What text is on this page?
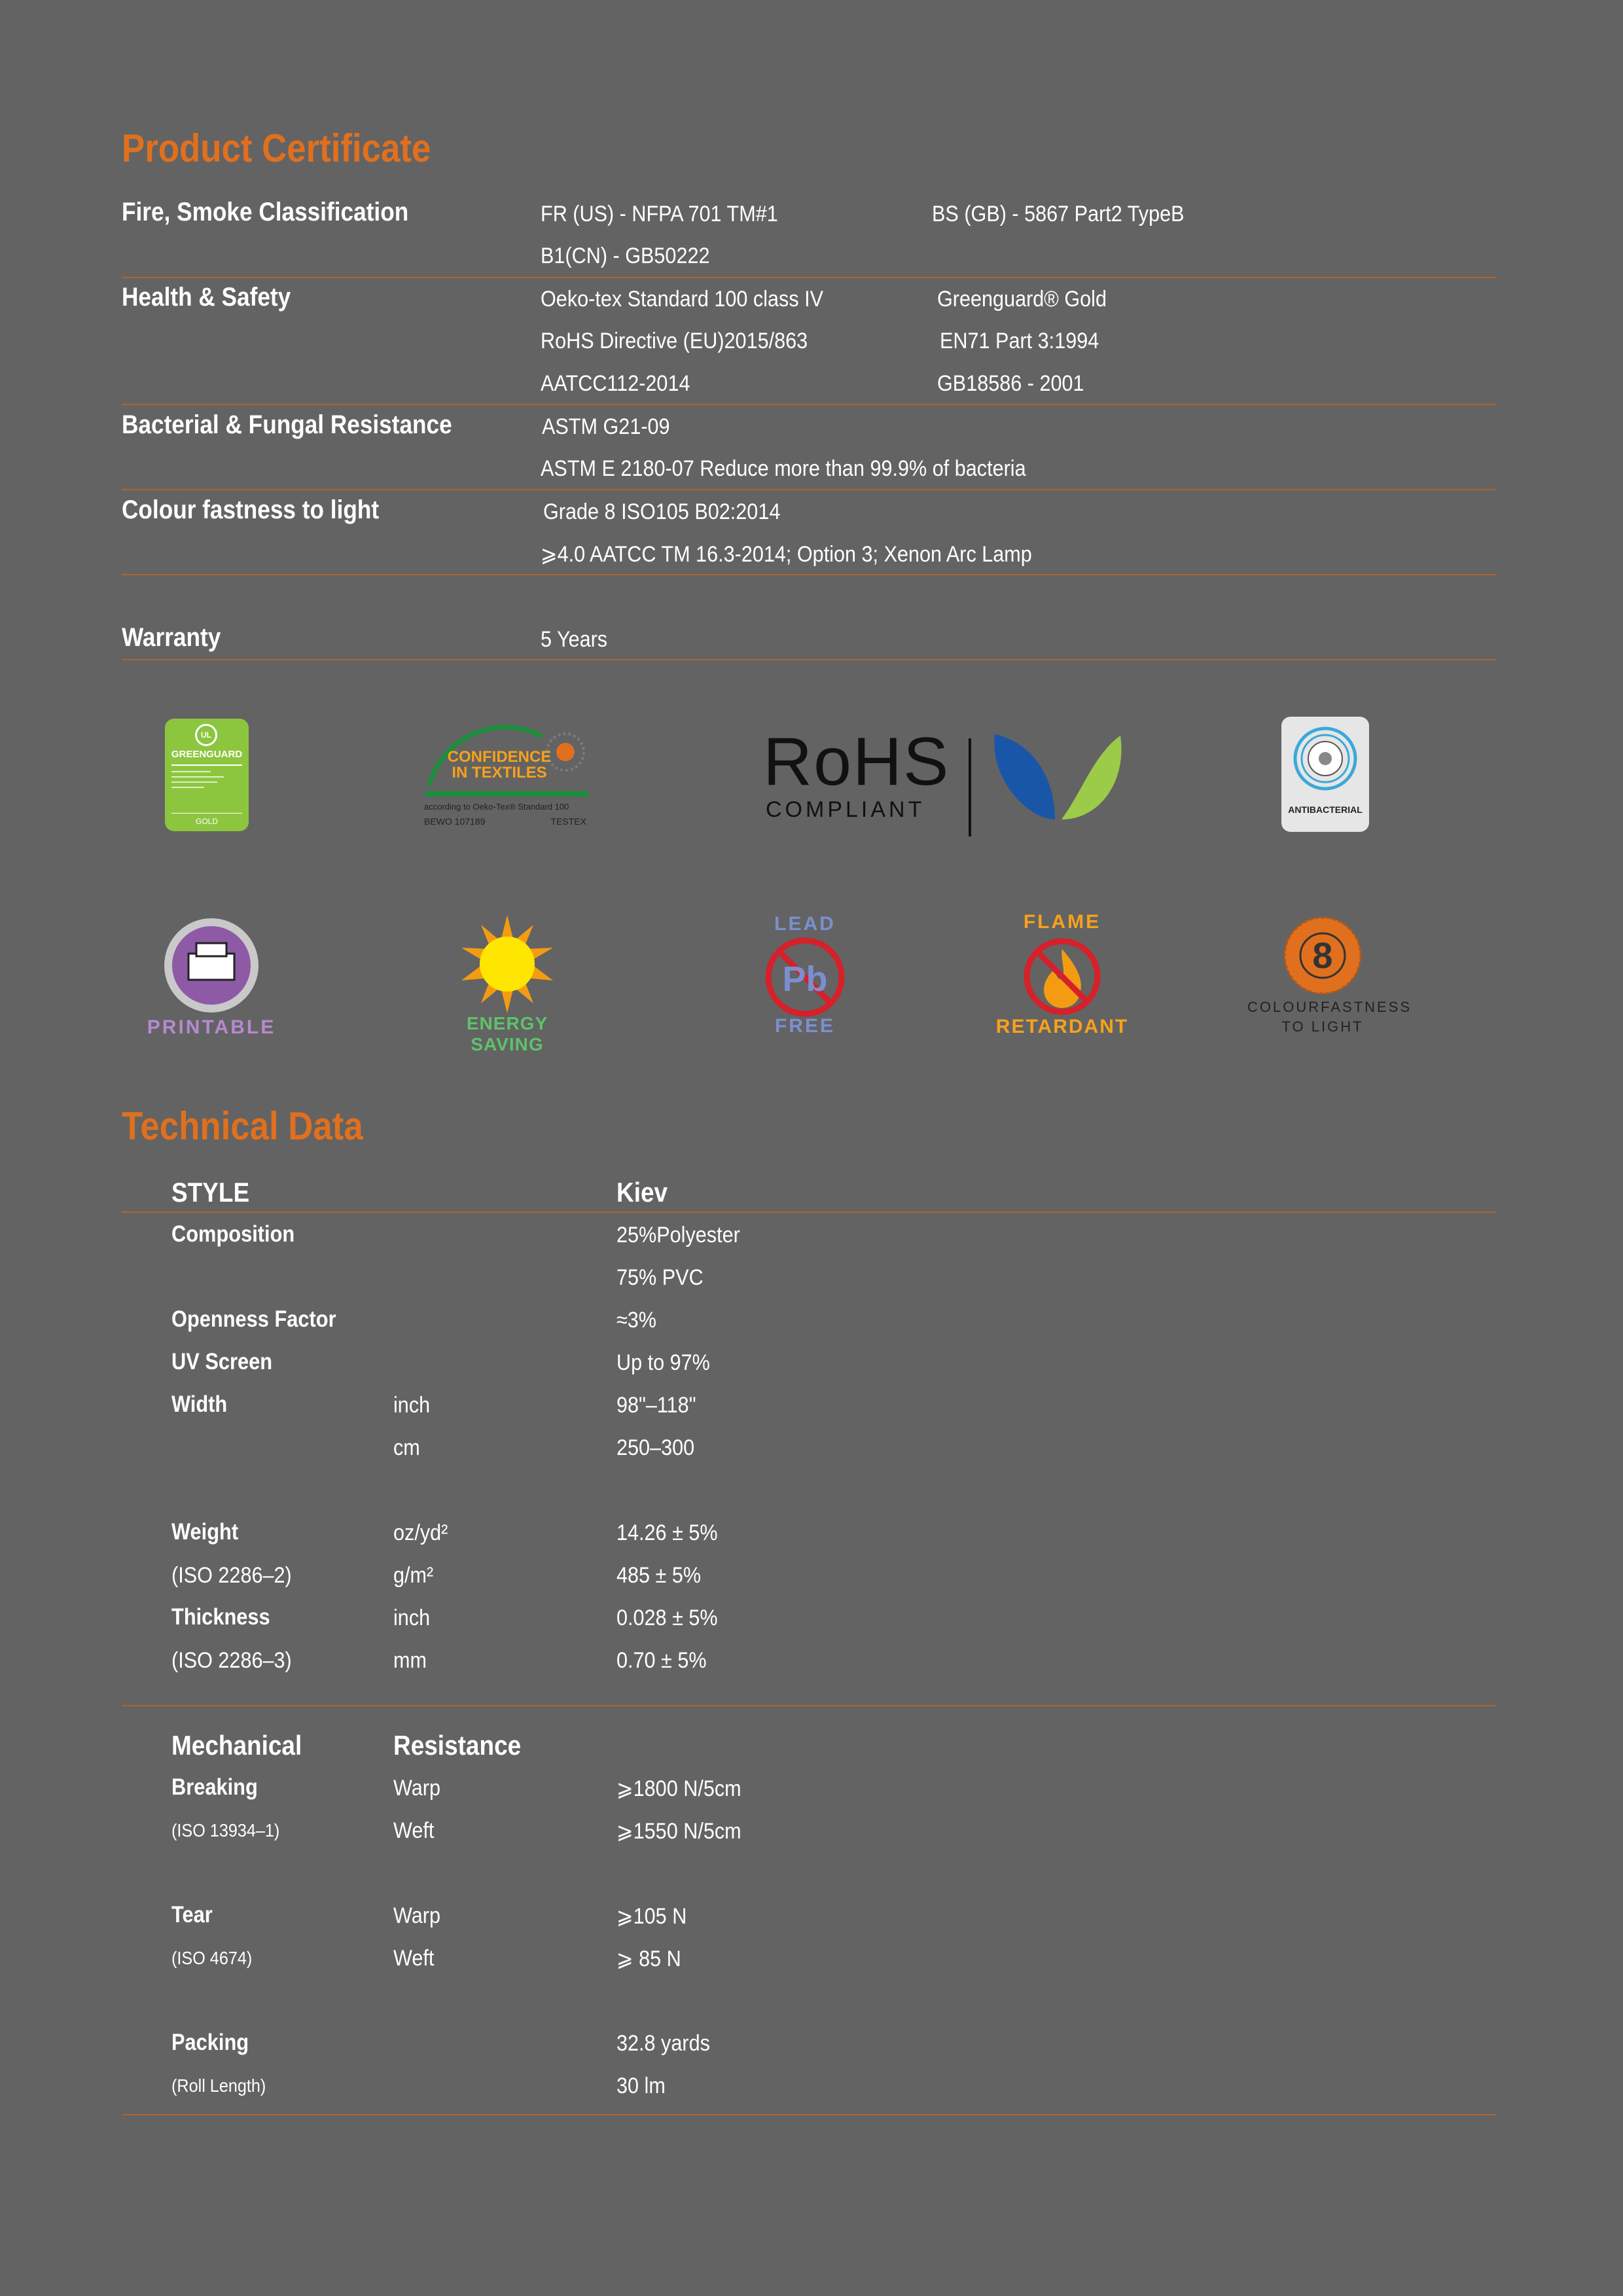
Product Certificate
Fire, Smoke Classification	FR (US) - NFPA 701 TM#1	BS (GB) - 5867 Part2 TypeB
B1(CN) - GB50222
Health & Safety	Oeko-tex Standard 100 class IV	Greenguard® Gold
RoHS Directive (EU)2015/863	EN71 Part 3:1994
AATCC112-2014	GB18586 - 2001
Bacterial & Fungal Resistance	ASTM G21-09
ASTM E 2180-07 Reduce more than 99.9% of bacteria
Colour fastness to light	Grade 8 ISO105 B02:2014
⩾4.0 AATCC TM 16.3-2014; Option 3; Xenon Arc Lamp
Warranty	5 Years
UL
GREENGUARD
GOLD
CONFIDENCE
IN TEXTILES
according to Oeko-Tex® Standard 100
BEWO 107189	TESTEX
RoHS
COMPLIANT	ANTIBACTERIAL
PRINTABLE	ENERGY SAVING
LEAD
Pb
FREE
FLAME
RETARDANT
8
COLOURFASTNESS
TO LIGHT
Technical Data
STYLE	Kiev
Composition	25%Polyester
75% PVC
Openness Factor	≈3%
UV Screen	Up to 97%
Width	inch	98"–118"
cm	250–300
Weight	oz/yd²	14.26 ± 5%
(ISO 2286–2)	g/m²	485 ± 5%
Thickness	inch	0.028 ± 5%
(ISO 2286–3)	mm	0.70 ± 5%
Mechanical	Resistance
Breaking	Warp	⩾1800 N/5cm
(ISO 13934–1)	Weft	⩾1550 N/5cm
Tear	Warp	⩾105 N
(ISO 4674)	Weft	⩾ 85 N
Packing	32.8 yards
(Roll Length)	30 lm
